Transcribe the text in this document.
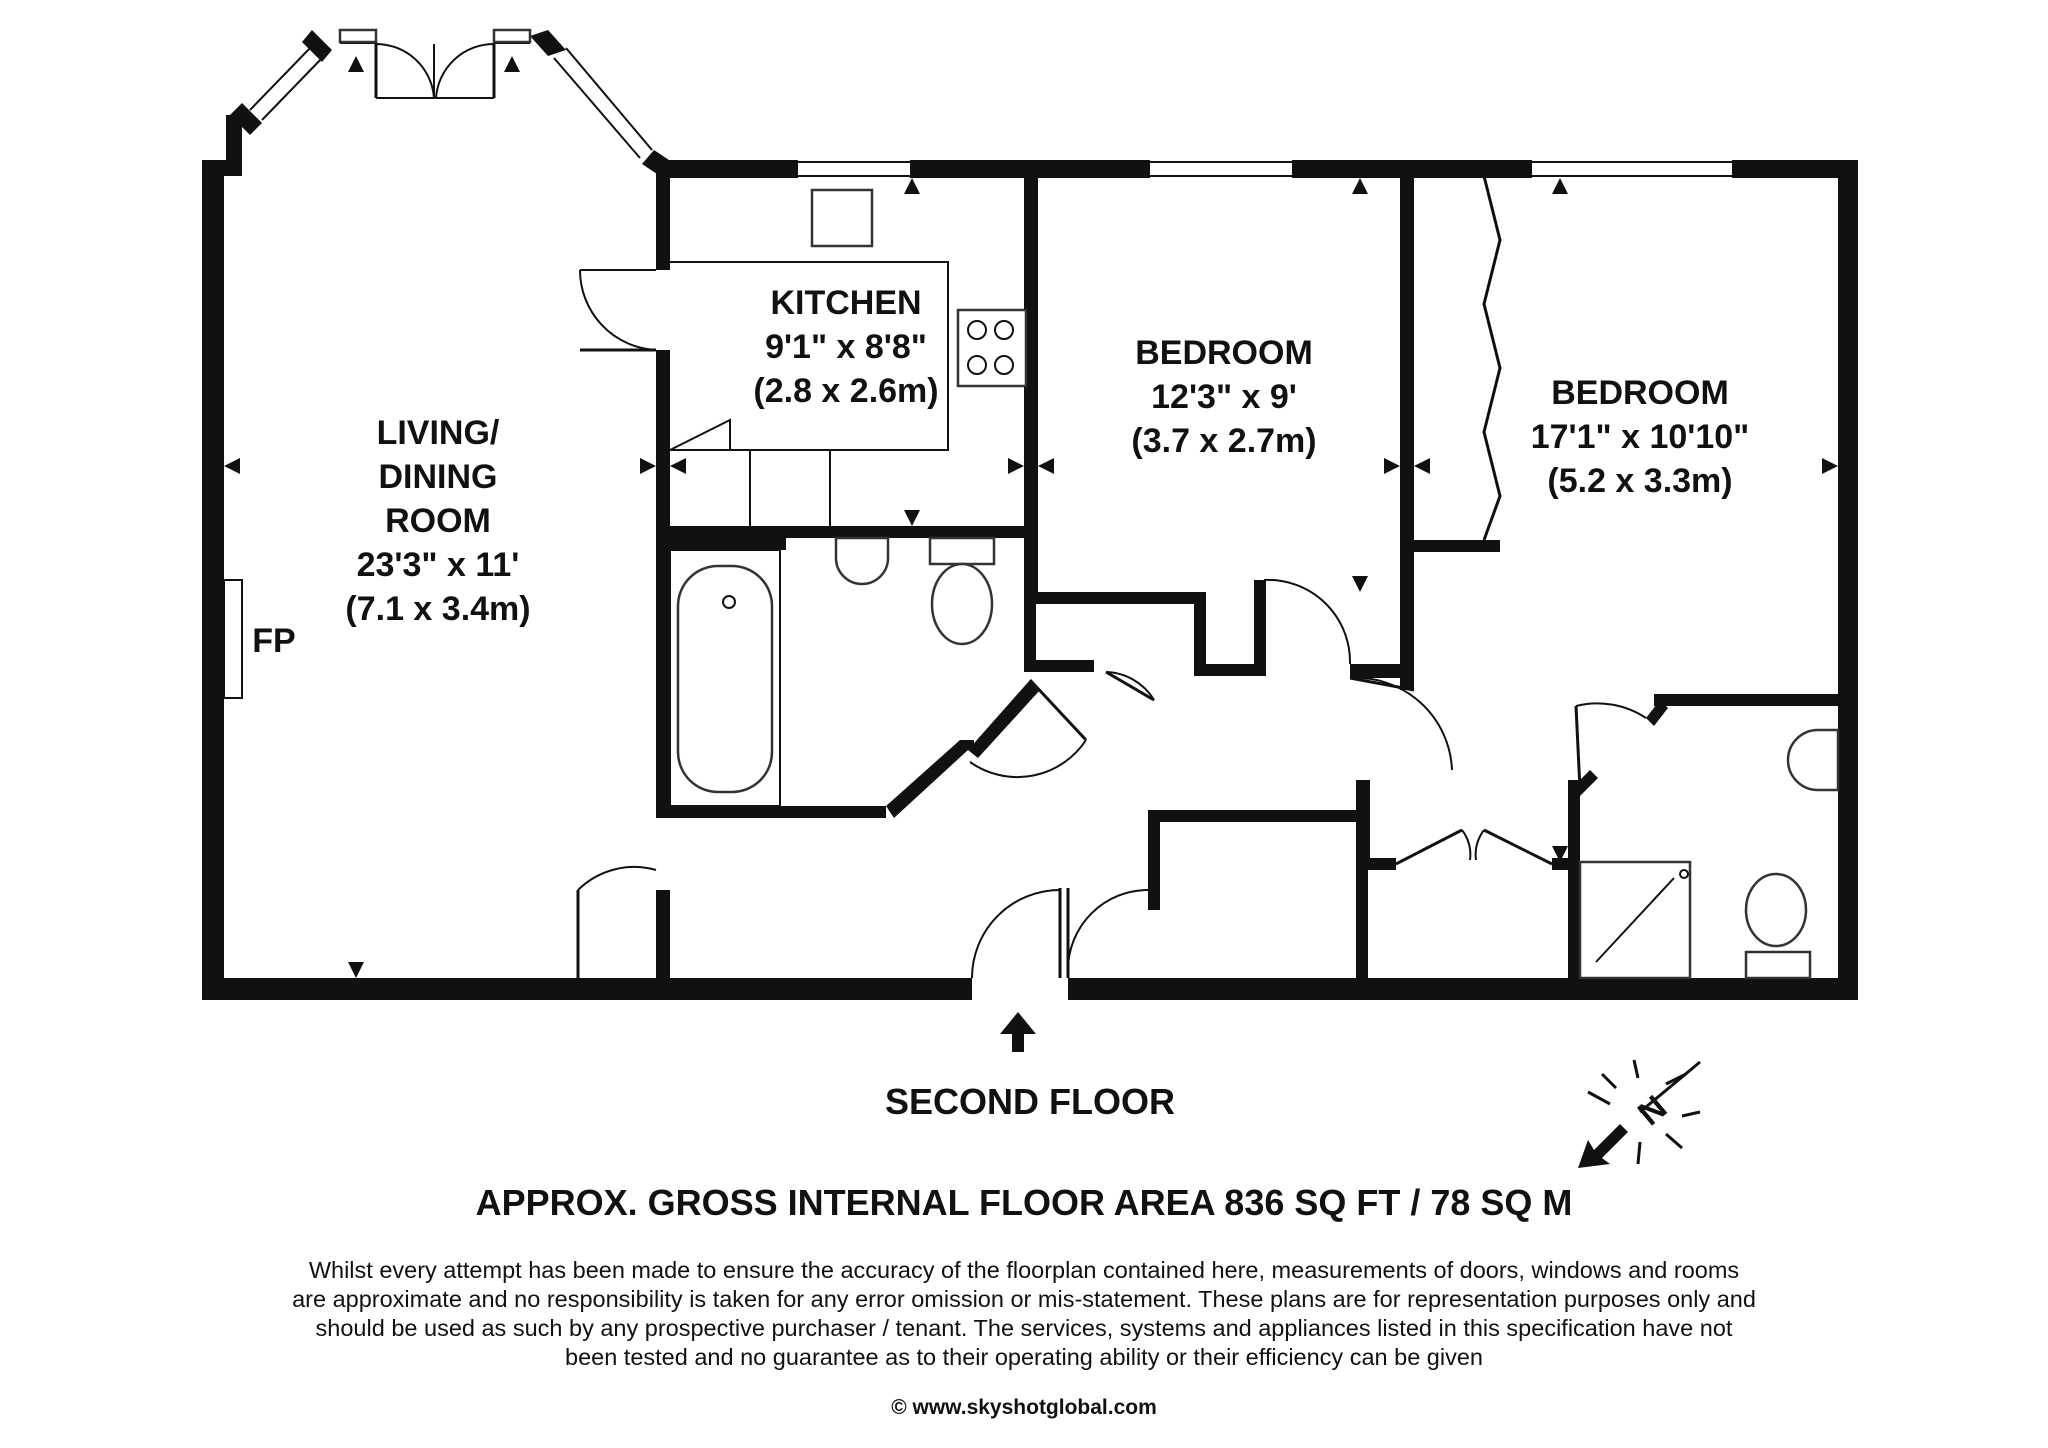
N
LIVING/
DINING
ROOM
23'3" x 11'
(7.1 x 3.4m)
KITCHEN
9'1" x 8'8"
(2.8 x 2.6m)
BEDROOM
12'3" x 9'
(3.7 x 2.7m)
BEDROOM
17'1" x 10'10"
(5.2 x 3.3m)
FP
SECOND FLOOR
APPROX. GROSS INTERNAL FLOOR AREA 836 SQ FT / 78 SQ M
Whilst every attempt has been made to ensure the accuracy of the floorplan contained here, measurements of doors, windows and rooms are approximate and no responsibility is taken for any error omission or mis-statement. These plans are for representation purposes only and should be used as such by any prospective purchaser / tenant. The services, systems and appliances listed in this specification have not been tested and no guarantee as to their operating ability or their efficiency can be given
© www.skyshotglobal.com
